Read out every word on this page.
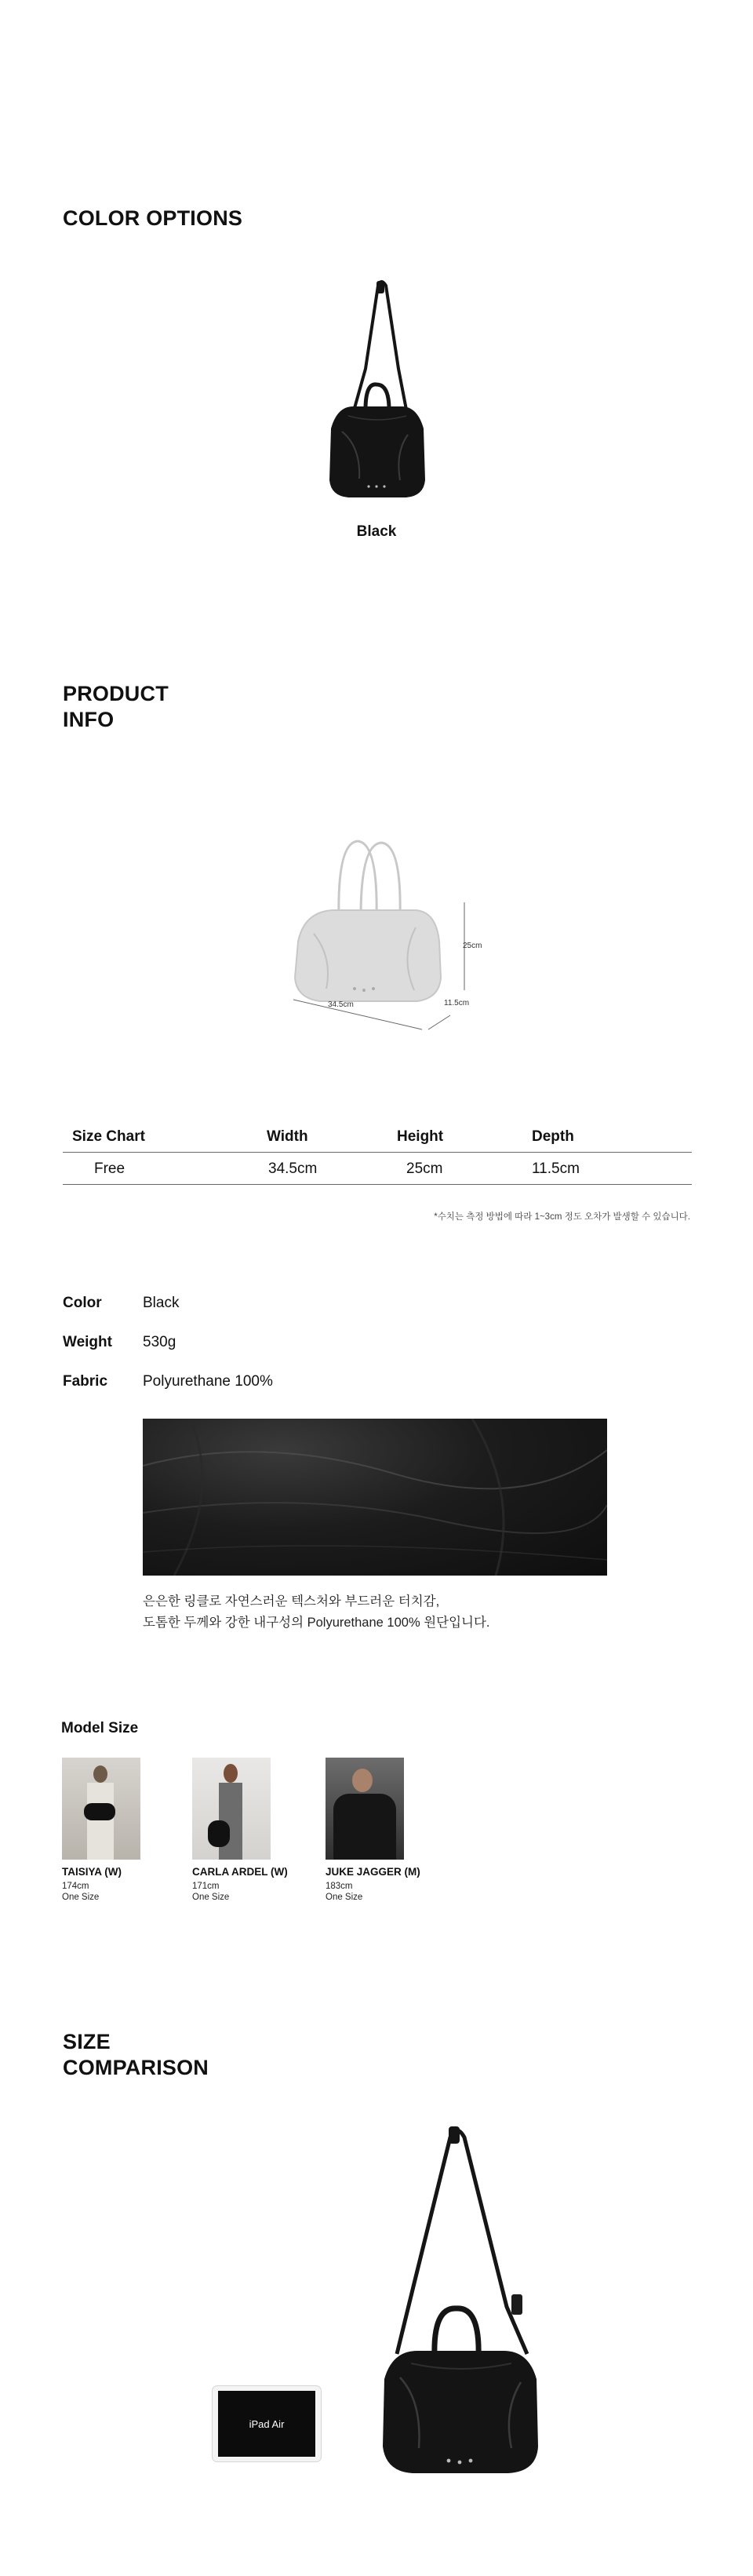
COLOR OPTIONS
Black
PRODUCT
INFO
34.5cm
25cm
11.5cm
Size Chart	Width	Height	Depth
Free	34.5cm	25cm	11.5cm
*수치는 측정 방법에 따라 1~3cm 정도 오차가 발생할 수 있습니다.
Color	Black
Weight	530g
Fabric	Polyurethane 100%
은은한 링클로 자연스러운 텍스처와 부드러운 터치감,
도톰한 두께와 강한 내구성의 Polyurethane 100% 원단입니다.
Model Size
TAISIYA (W)
174cm
One Size
CARLA ARDEL (W)
171cm
One Size
JUKE JAGGER (M)
183cm
One Size
SIZE
COMPARISON
iPad Air
